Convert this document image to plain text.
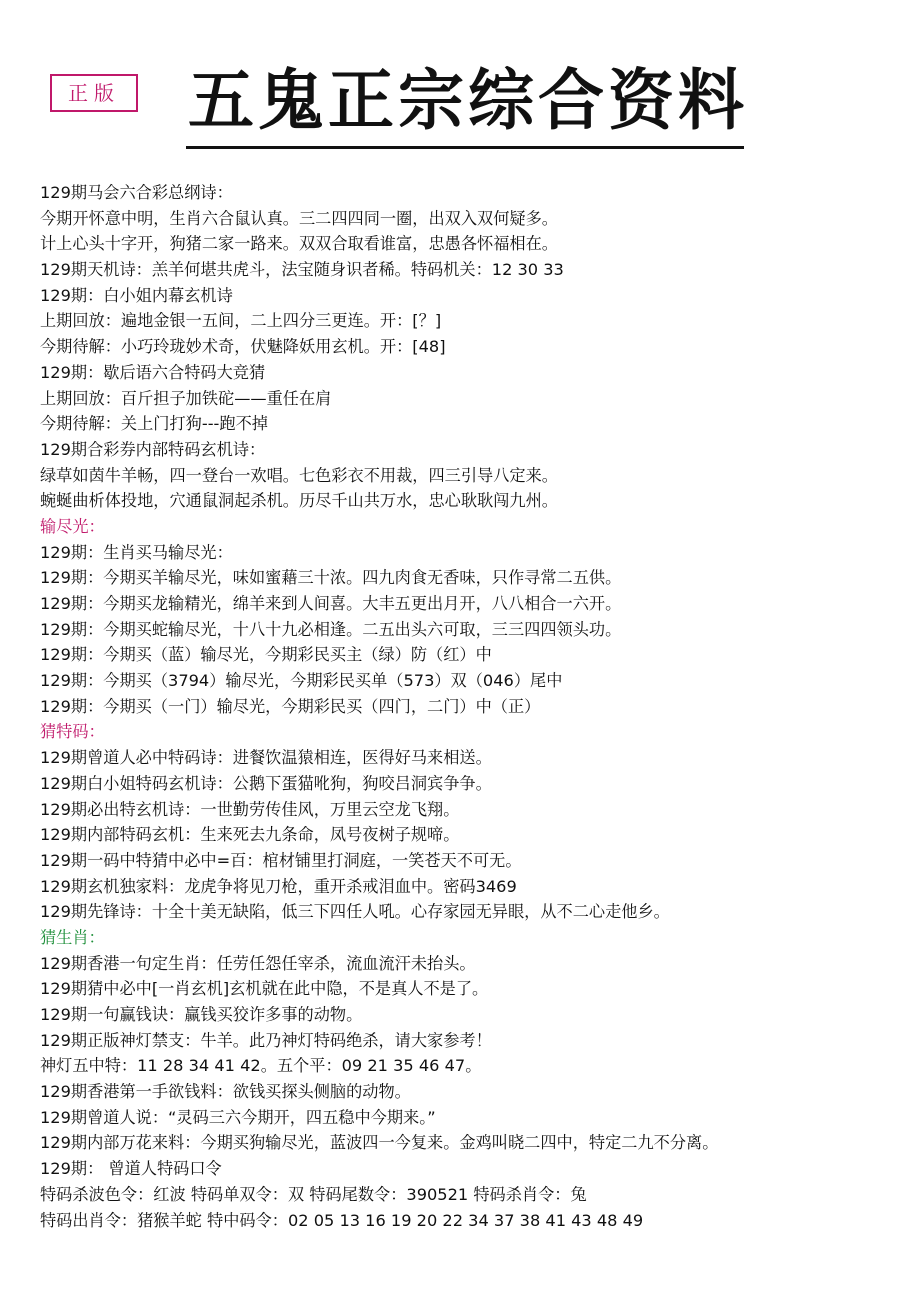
正版 五鬼正宗综合资料
129期马会六合彩总纲诗：
今期开怀意中明，生肖六合鼠认真。三二四四同一圈，出双入双何疑多。
计上心头十字开，狗猪二家一路来。双双合取看谁富，忠愚各怀福相在。
129期天机诗：羔羊何堪共虎斗，法宝随身识者稀。特码机关：12 30 33
129期：白小姐内幕玄机诗
上期回放：遍地金银一五间，二上四分三更连。开：[？]
今期待解：小巧玲珑妙术奇，伏魅降妖用玄机。开：[48]
129期：歇后语六合特码大竞猜
上期回放：百斤担子加铁砣——重任在肩
今期待解：关上门打狗---跑不掉
129期合彩券内部特码玄机诗：
绿草如茵牛羊畅，四一登台一欢唱。七色彩衣不用裁，四三引导八定来。
蜿蜒曲析体投地，穴通鼠洞起杀机。历尽千山共万水，忠心耿耿闯九州。
输尽光：
129期：生肖买马输尽光：
129期：今期买羊输尽光，味如蜜藉三十浓。四九肉食无香味，只作寻常二五供。
129期：今期买龙输精光，绵羊来到人间喜。大丰五更出月开，八八相合一六开。
129期：今期买蛇输尽光，十八十九必相逢。二五出头六可取，三三四四领头功。
129期：今期买（蓝）输尽光，今期彩民买主（绿）防（红）中
129期：今期买（3794）输尽光，今期彩民买单（573）双（046）尾中
129期：今期买（一门）输尽光，今期彩民买（四门，二门）中（正）
猜特码：
129期曾道人必中特码诗：进餐饮温猿相连，医得好马来相送。
129期白小姐特码玄机诗：公鹅下蛋猫吪狗，狗咬吕洞宾争争。
129期必出特玄机诗：一世勤劳传佳风，万里云空龙飞翔。
129期内部特码玄机：生来死去九条命，凤号夜树子规啼。
129期一码中特猜中必中=百：棺材铺里打洞庭，一笑苍天不可无。
129期玄机独家料：龙虎争将见刀枪，重开杀戒泪血中。密码3469
129期先锋诗：十全十美无缺陷，低三下四任人吼。心存家园无异眼，从不二心走他乡。
猜生肖：
129期香港一句定生肖：任劳任怨任宰杀，流血流汗未抬头。
129期猜中必中[一肖玄机]玄机就在此中隐，不是真人不是了。
129期一句赢钱诀：赢钱买狡诈多事的动物。
129期正版神灯禁支：牛羊。此乃神灯特码绝杀，请大家参考！
神灯五中特：11 28 34 41 42。五个平：09 21 35 46 47。
129期香港第一手欲钱料：欲钱买探头侧脑的动物。
129期曾道人说：“灵码三六今期开，四五稳中今期来。”
129期内部万花来料：今期买狗输尽光，蓝波四一今复来。金鸡叫晓二四中，特定二九不分离。
129期： 曾道人特码口令
特码杀波色令：红波 特码单双令：双 特码尾数令：390521 特码杀肖令：兔
特码出肖令：猪猴羊蛇 特中码令：02 05 13 16 19 20 22 34 37 38 41 43 48 49
